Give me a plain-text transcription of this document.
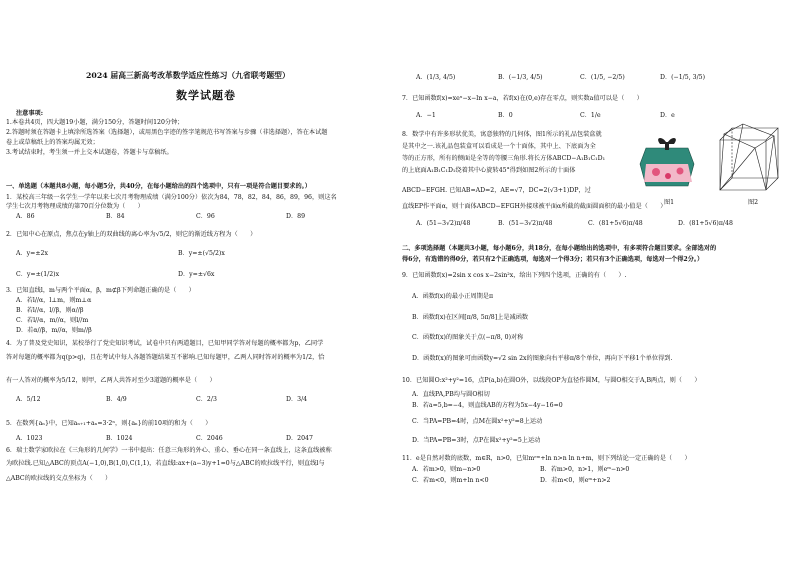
2024 届高三新高考改革数学适应性练习（九省联考题型）
数学试题卷
注意事项:
1.本卷共4页，四大题19小题，满分150分，答题时间120分钟；
2.答题时须在答题卡上填涂所选答案（选择题），或用黑色字迹的签字笔规范书写答案与步骤（非选择题），答在本试题
卷上或草稿纸上的答案均属无效；
3.考试结束时，考生须一并上交本试题卷，答题卡与草稿纸。
一、单选题（本题共8小题，每小题5分，共40分，在每小题给出的四个选项中，只有一项是符合题目要求的。）
1．某校高三年级一名学生一学年以来七次月考物理成绩（满分100分）依次为84，78，82，84，86，89，96，则这名
学生七次月考物理成绩的第70百分位数为（　　）
A．86	B．84	C．96	D．89
2．已知中心在原点，焦点在y轴上的双曲线的离心率为√5/2，则它的渐近线方程为（　　）
A．y=±2x	B．y=±(√5/2)x
C．y=±(1/2)x	D．y=±√6x
3．已知直线l，m与两个平面α，β，m⊄β下列命题正确的是（　　）
A．若l//α，l⊥m，则m⊥α
B．若l//α，l//β，则α//β
C．若l//α，m//α，则l//m
D．若α//β，m//α，则m//β
4．为了普及党史知识，某校举行了党史知识考试，试卷中只有两道题目，已知甲同学答对每题的概率都为p，乙同学
答对每题的概率都为q(p>q)，且在考试中每人各题答题结果互不影响.已知每题甲，乙两人同时答对的概率为1/2，恰
有一人答对的概率为5/12，则甲，乙两人共答对至少3道题的概率是（　　）
A．5/12	B．4/9	C．2/3	D．3/4
5．在数列{aₙ}中，已知aₙ₊₁+aₙ=3·2ⁿ，则{aₙ}的前10项的和为（　　）
A．1023	B．1024	C．2046	D．2047
6．瑞士数学家欧拉在《三角形的几何学》一书中提出：任意三角形的外心、重心、垂心在同一条直线上，这条直线被称
为欧拉线.已知△ABC的顶点A(−1,0),B(1,0),C(1,1)，若直线l:ax+(a−3)y+1=0与△ABC的欧拉线平行，则直线l与
△ABC的欧拉线的交点坐标为（　　）
A．(1/3, 4/5)	B．(−1/3, 4/5)	C．(1/5, −2/5)	D．(−1/5, 3/5)
7．已知函数f(x)=xeˣ−x−ln x−a，若f(x)在(0,e)存在零点，则实数a值可以是（　　）
A．−1	B．0	C．1/e	D．e
8．数学中有许多形状优美，寓意独特的几何体，图1所示的礼品包装盒就
是其中之一.该礼品包装盒可以看成是一个十面体，其中上、下底面为全
等的正方形，所有的侧面是全等的等腰三角形.将长方体ABCD−A₁B₁C₁D₁
的上底面A₁B₁C₁D₁绕着其中心旋转45°得到如图2所示的十面体
ABCD−EFGH. 已知AB=AD=2，AE=√7，DC=2(√3+1)DP，过
直线EP作平面α，则十面体ABCD−EFGH外接球被平面α所截的截面圆面积的最小值是（　　）
图1	图2
A．(51−3√2)π/48	B．(51−3√2)π/48	C．(81+5√6)π/48	D．(81+5√6)π/48
二、多项选择题（本题共3小题，每小题6分，共18分，在每小题给出的选项中，有多项符合题目要求。全部选对的
得6分，有选错的得0分，若只有2个正确选项，每选对一个得3分；若只有3个正确选项，每选对一个得2分。）
9．已知函数f(x)=2sin x cos x−2sin²x，给出下列四个选项，正确的有（　　）.
A．函数f(x)的最小正周期是π
B．函数f(x)在区间[π/8, 5π/8]上是减函数
C．函数f(x)的图象关于点(−π/8, 0)对称
D．函数f(x)的图象可由函数y=√2 sin 2x的图象向右平移π/8个单位，再向下平移1个单位得到.
10．已知圆O:x²+y²=16，点P(a,b)在圆O外，以线段OP为直径作圆M，与圆O相交于A,B两点，则（　　）
A．直线PA,PB均与圆O相切
B．若a=5,b=−4，则直线AB的方程为5x−4y−16=0
C．当PA=PB=4时，点M在圆x²+y²=8上运动
D．当PA=PB=3时，点P在圆x²+y²=5上运动
11．e是自然对数的底数，m∈R，n>0，已知mᵉᵐ+ln n>n ln n+m，则下列结论一定正确的是（　　）
A．若m>0，则m−n>0	B．若m>0，n>1，则eᵐ−n>0
C．若m<0，则m+ln n<0	D．若m<0，则eᵐ+n>2
